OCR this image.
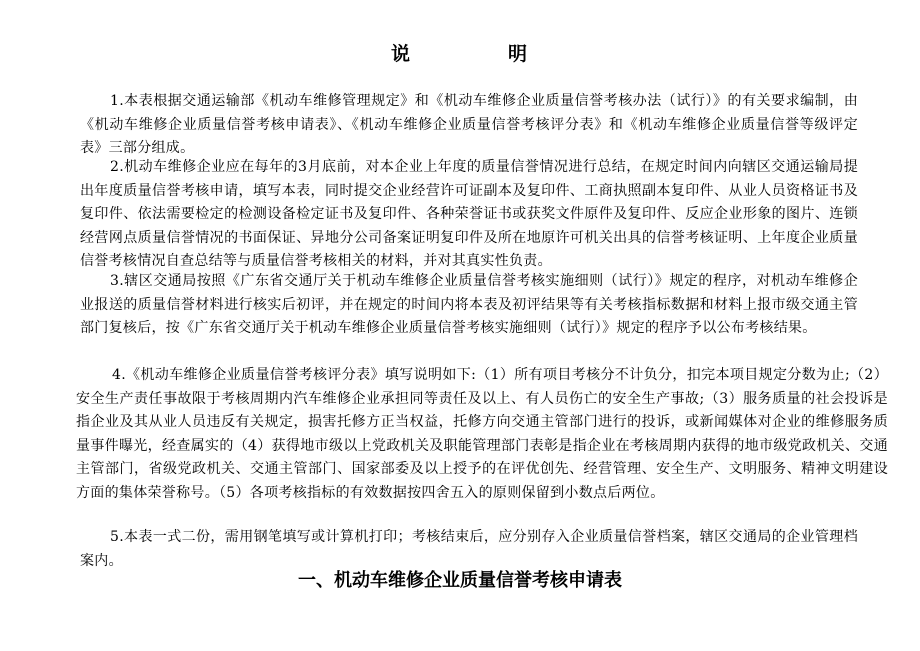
说	明

1.本表根据交通运输部《机动车维修管理规定》和《机动车维修企业质量信誉考核办法（试行）》的有关要求编制，由《机动车维修企业质量信誉考核申请表》、《机动车维修企业质量信誉考核评分表》和《机动车维修企业质量信誉等级评定表》三部分组成。

2.机动车维修企业应在每年的3月底前，对本企业上年度的质量信誉情况进行总结，在规定时间内向辖区交通运输局提出年度质量信誉考核申请，填写本表，同时提交企业经营许可证副本及复印件、工商执照副本复印件、从业人员资格证书及复印件、依法需要检定的检测设备检定证书及复印件、各种荣誉证书或获奖文件原件及复印件、反应企业形象的图片、连锁经营网点质量信誉情况的书面保证、异地分公司备案证明复印件及所在地原许可机关出具的信誉考核证明、上年度企业质量信誉考核情况自查总结等与质量信誉考核相关的材料，并对其真实性负责。

3.辖区交通局按照《广东省交通厅关于机动车维修企业质量信誉考核实施细则（试行）》规定的程序，对机动车维修企业报送的质量信誉材料进行核实后初评，并在规定的时间内将本表及初评结果等有关考核指标数据和材料上报市级交通主管部门复核后，按《广东省交通厅关于机动车维修企业质量信誉考核实施细则（试行）》规定的程序予以公布考核结果。

4.《机动车维修企业质量信誉考核评分表》填写说明如下:（1）所有项目考核分不计负分，扣完本项目规定分数为止;（2）安全生产责任事故限于考核周期内汽车维修企业承担同等责任及以上、有人员伤亡的安全生产事故;（3）服务质量的社会投诉是指企业及其从业人员违反有关规定，损害托修方正当权益，托修方向交通主管部门进行的投诉，或新闻媒体对企业的维修服务质量事件曝光，经查属实的（4）获得地市级以上党政机关及职能管理部门表彰是指企业在考核周期内获得的地市级党政机关、交通主管部门，省级党政机关、交通主管部门、国家部委及以上授予的在评优创先、经营管理、安全生产、文明服务、精神文明建设方面的集体荣誉称号。（5）各项考核指标的有效数据按四舍五入的原则保留到小数点后两位。

5.本表一式二份，需用钢笔填写或计算机打印；考核结束后，应分别存入企业质量信誉档案，辖区交通局的企业管理档案内。

一、机动车维修企业质量信誉考核申请表
